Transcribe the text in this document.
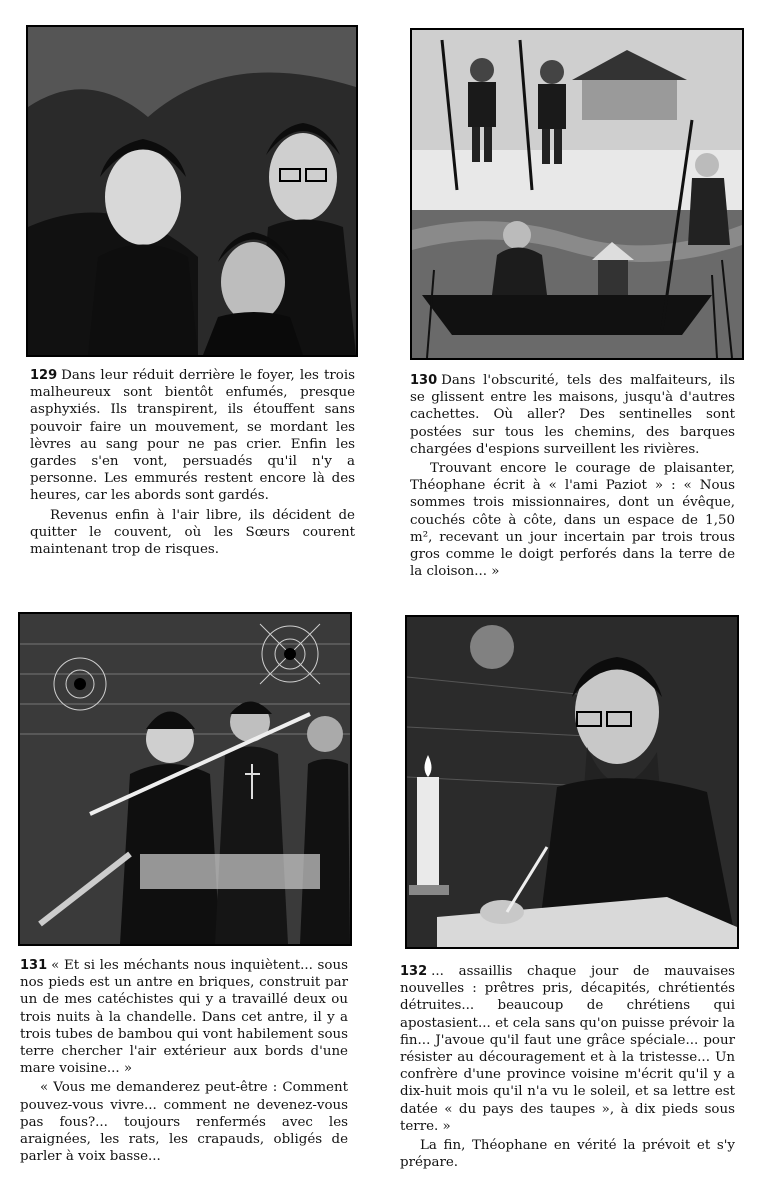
129 Dans leur réduit derrière le foyer, les trois malheureux sont bientôt enfumés, presque asphyxiés. Ils transpirent, ils étouffent sans pouvoir faire un mouvement, se mordant les lèvres au sang pour ne pas crier. Enfin les gardes s'en vont, persuadés qu'il n'y a personne. Les emmurés restent encore là des heures, car les abords sont gardés.

Revenus enfin à l'air libre, ils décident de quitter le couvent, où les Sœurs courent maintenant trop de risques.

130 Dans l'obscurité, tels des malfaiteurs, ils se glissent entre les maisons, jusqu'à d'autres cachettes. Où aller? Des sentinelles sont postées sur tous les chemins, des barques chargées d'espions surveillent les rivières.

Trouvant encore le courage de plaisanter, Théophane écrit à « l'ami Paziot » : « Nous sommes trois missionnaires, dont un évêque, couchés côte à côte, dans un espace de 1,50 m², recevant un jour incertain par trois trous gros comme le doigt perforés dans la terre de la cloison... »

131 « Et si les méchants nous inquiètent... sous nos pieds est un antre en briques, construit par un de mes catéchistes qui y a travaillé deux ou trois nuits à la chandelle. Dans cet antre, il y a trois tubes de bambou qui vont habilement sous terre chercher l'air extérieur aux bords d'une mare voisine... »

« Vous me demanderez peut-être : Comment pouvez-vous vivre... comment ne devenez-vous pas fous?... toujours renfermés avec les araignées, les rats, les crapauds, obligés de parler à voix basse...

132 ... assaillis chaque jour de mauvaises nouvelles : prêtres pris, décapités, chrétientés détruites... beaucoup de chrétiens qui apostasient... et cela sans qu'on puisse prévoir la fin... J'avoue qu'il faut une grâce spéciale... pour résister au découragement et à la tristesse... Un confrère d'une province voisine m'écrit qu'il y a dix-huit mois qu'il n'a vu le soleil, et sa lettre est datée « du pays des taupes », à dix pieds sous terre. »

La fin, Théophane en vérité la prévoit et s'y prépare.
